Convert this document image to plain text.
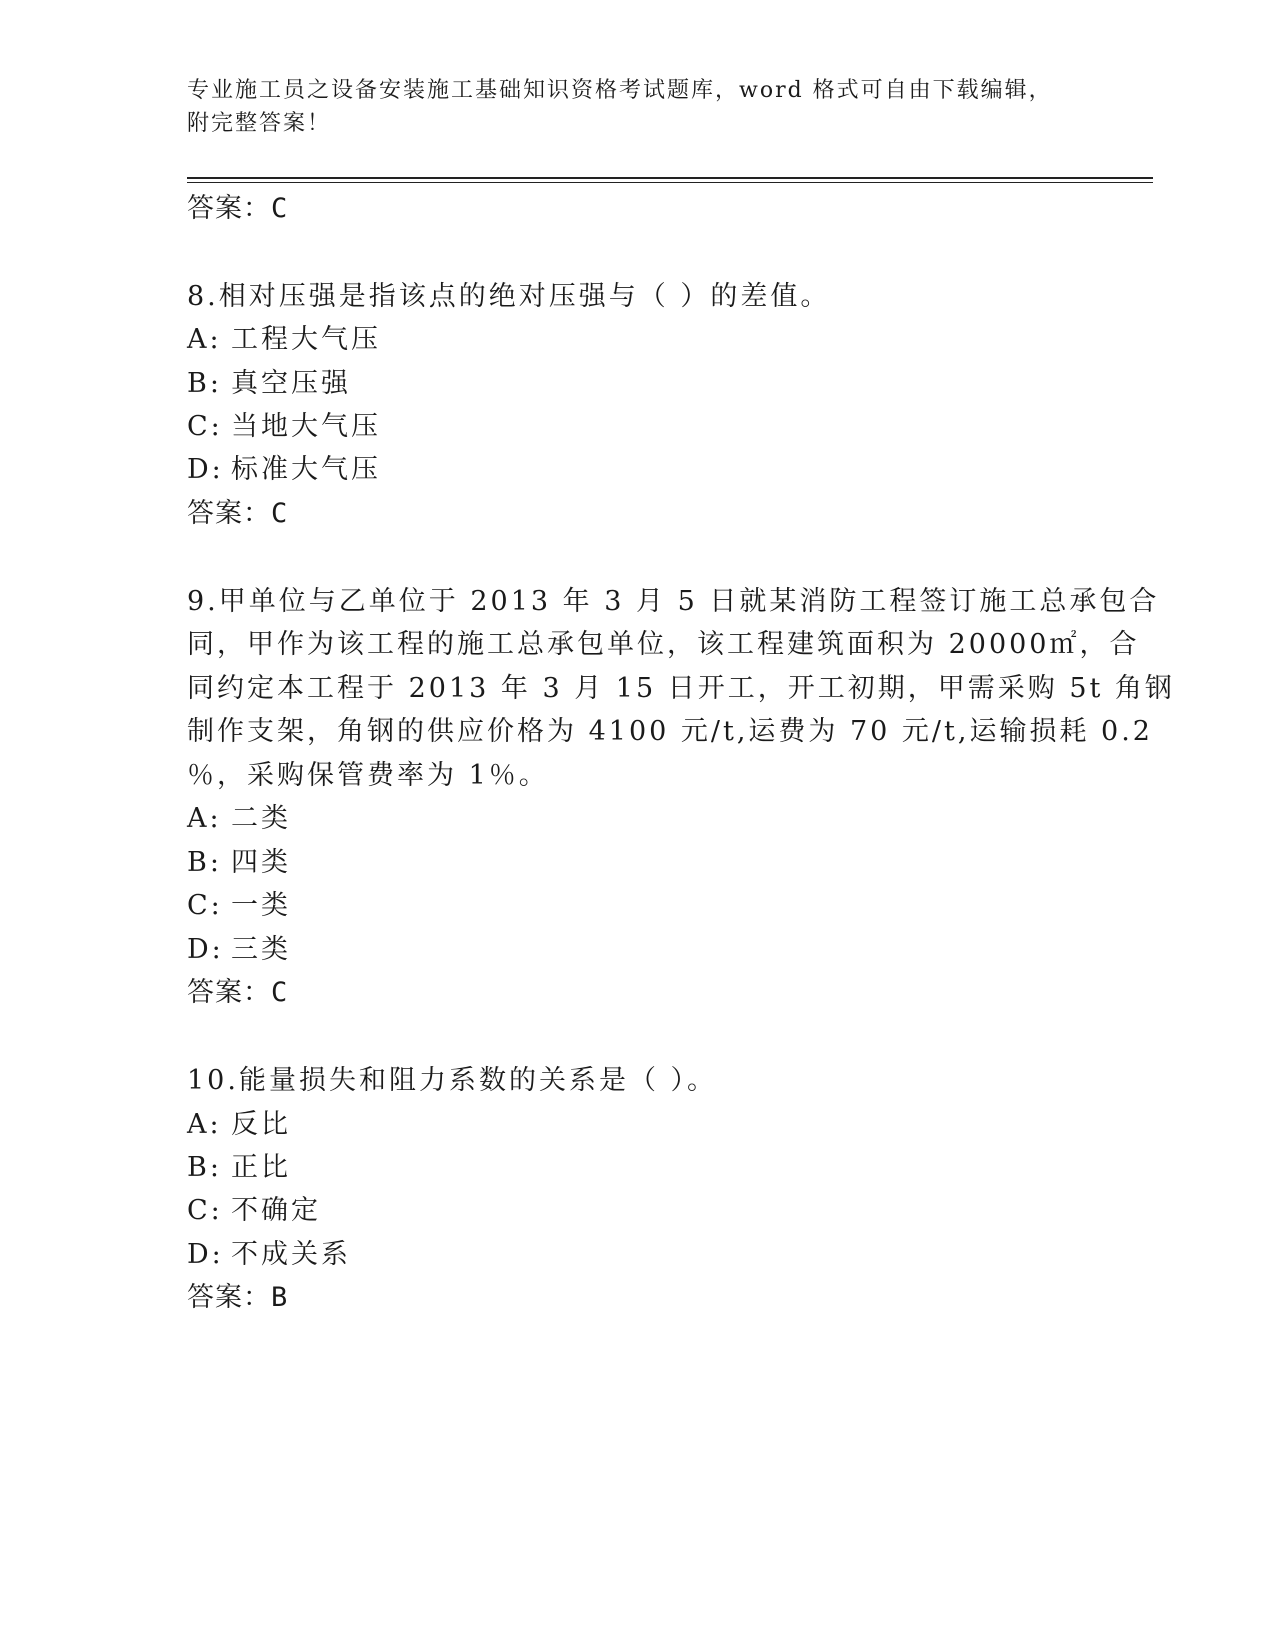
专业施工员之设备安装施工基础知识资格考试题库，word 格式可自由下载编辑，
附完整答案！
答案：C
8.相对压强是指该点的绝对压强与（ ）的差值。
A: 工程大气压
B: 真空压强
C: 当地大气压
D: 标准大气压
答案：C
9.甲单位与乙单位于 2013 年 3 月 5 日就某消防工程签订施工总承包合
同，甲作为该工程的施工总承包单位，该工程建筑面积为 20000㎡，合
同约定本工程于 2013 年 3 月 15 日开工，开工初期，甲需采购 5t 角钢
制作支架，角钢的供应价格为 4100 元/t,运费为 70 元/t,运输损耗 0.2
％，采购保管费率为 1％。
A: 二类
B: 四类
C: 一类
D: 三类
答案：C
10.能量损失和阻力系数的关系是（ ）。
A: 反比
B: 正比
C: 不确定
D: 不成关系
答案：B
